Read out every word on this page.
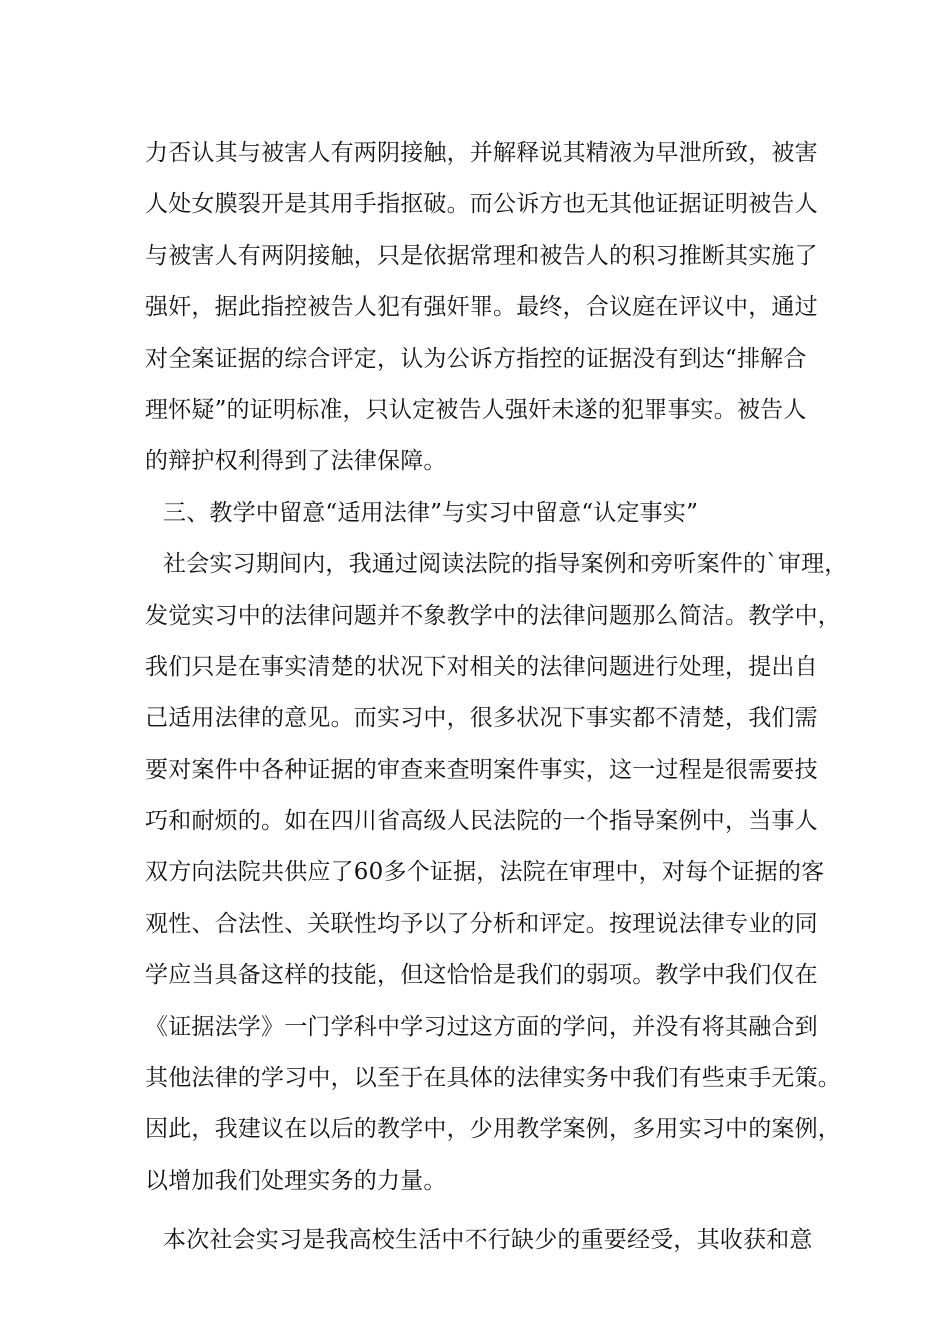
力否认其与被害人有两阴接触，并解释说其精液为早泄所致，被害
人处女膜裂开是其用手指抠破。而公诉方也无其他证据证明被告人
与被害人有两阴接触，只是依据常理和被告人的积习推断其实施了
强奸，据此指控被告人犯有强奸罪。最终，合议庭在评议中，通过
对全案证据的综合评定，认为公诉方指控的证据没有到达“排解合
理怀疑”的证明标准，只认定被告人强奸未遂的犯罪事实。被告人
的辩护权利得到了法律保障。
三、教学中留意“适用法律”与实习中留意“认定事实”
社会实习期间内，我通过阅读法院的指导案例和旁听案件的`审理，
发觉实习中的法律问题并不象教学中的法律问题那么简洁。教学中，
我们只是在事实清楚的状况下对相关的法律问题进行处理，提出自
己适用法律的意见。而实习中，很多状况下事实都不清楚，我们需
要对案件中各种证据的审查来查明案件事实，这一过程是很需要技
巧和耐烦的。如在四川省高级人民法院的一个指导案例中，当事人
双方向法院共供应了60多个证据，法院在审理中，对每个证据的客
观性、合法性、关联性均予以了分析和评定。按理说法律专业的同
学应当具备这样的技能，但这恰恰是我们的弱项。教学中我们仅在
《证据法学》一门学科中学习过这方面的学问，并没有将其融合到
其他法律的学习中，以至于在具体的法律实务中我们有些束手无策。
因此，我建议在以后的教学中，少用教学案例，多用实习中的案例，
以增加我们处理实务的力量。
本次社会实习是我高校生活中不行缺少的重要经受，其收获和意
